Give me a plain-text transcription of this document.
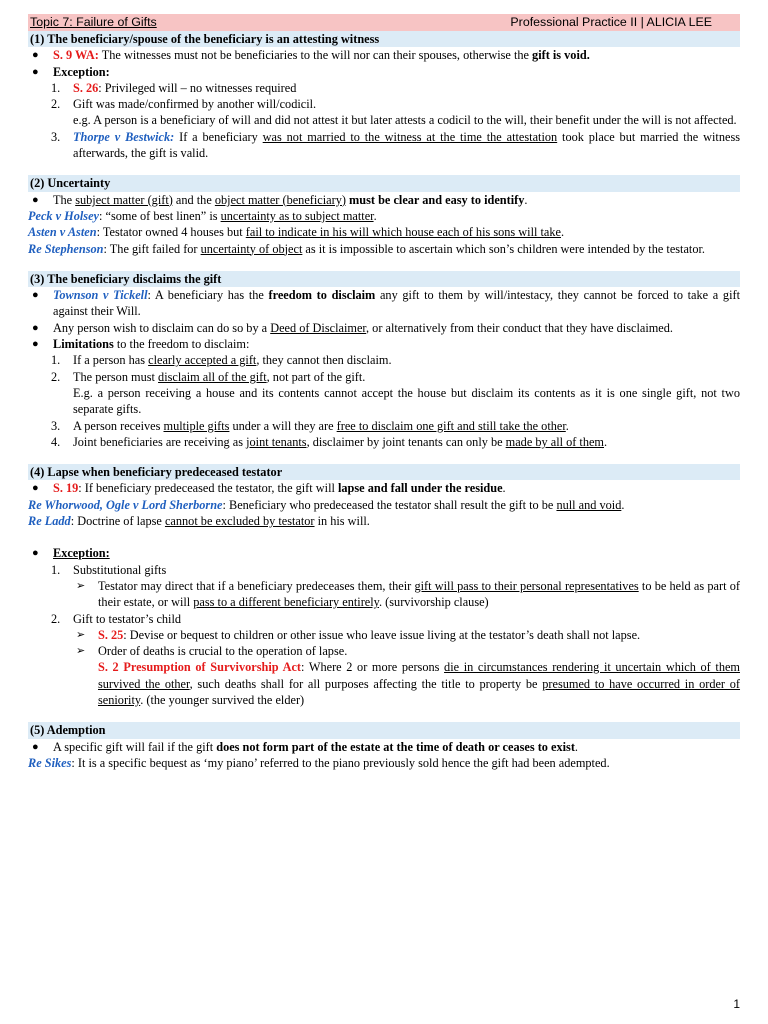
Topic 7: Failure of Gifts	Professional Practice II | ALICIA LEE
(1) The beneficiary/spouse of the beneficiary is an attesting witness
● S. 9 WA: The witnesses must not be beneficiaries to the will nor can their spouses, otherwise the gift is void.
● Exception:
1. S. 26: Privileged will – no witnesses required
2. Gift was made/confirmed by another will/codicil.
e.g. A person is a beneficiary of will and did not attest it but later attests a codicil to the will, their benefit under the will is not affected.
3. Thorpe v Bestwick: If a beneficiary was not married to the witness at the time the attestation took place but married the witness afterwards, the gift is valid.
(2) Uncertainty
● The subject matter (gift) and the object matter (beneficiary) must be clear and easy to identify.
Peck v Holsey: “some of best linen” is uncertainty as to subject matter.
Asten v Asten: Testator owned 4 houses but fail to indicate in his will which house each of his sons will take.
Re Stephenson: The gift failed for uncertainty of object as it is impossible to ascertain which son’s children were intended by the testator.
(3) The beneficiary disclaims the gift
● Townson v Tickell: A beneficiary has the freedom to disclaim any gift to them by will/intestacy, they cannot be forced to take a gift against their Will.
● Any person wish to disclaim can do so by a Deed of Disclaimer, or alternatively from their conduct that they have disclaimed.
● Limitations to the freedom to disclaim:
1. If a person has clearly accepted a gift, they cannot then disclaim.
2. The person must disclaim all of the gift, not part of the gift.
E.g. a person receiving a house and its contents cannot accept the house but disclaim its contents as it is one single gift, not two separate gifts.
3. A person receives multiple gifts under a will they are free to disclaim one gift and still take the other.
4. Joint beneficiaries are receiving as joint tenants, disclaimer by joint tenants can only be made by all of them.
(4) Lapse when beneficiary predeceased testator
● S. 19: If beneficiary predeceased the testator, the gift will lapse and fall under the residue.
Re Whorwood, Ogle v Lord Sherborne: Beneficiary who predeceased the testator shall result the gift to be null and void.
Re Ladd: Doctrine of lapse cannot be excluded by testator in his will.
● Exception:
1. Substitutional gifts
➢ Testator may direct that if a beneficiary predeceases them, their gift will pass to their personal representatives to be held as part of their estate, or will pass to a different beneficiary entirely. (survivorship clause)
2. Gift to testator’s child
➢ S. 25: Devise or bequest to children or other issue who leave issue living at the testator’s death shall not lapse.
➢ Order of deaths is crucial to the operation of lapse.
S. 2 Presumption of Survivorship Act: Where 2 or more persons die in circumstances rendering it uncertain which of them survived the other, such deaths shall for all purposes affecting the title to property be presumed to have occurred in order of seniority. (the younger survived the elder)
(5) Ademption
● A specific gift will fail if the gift does not form part of the estate at the time of death or ceases to exist.
Re Sikes: It is a specific bequest as ‘my piano’ referred to the piano previously sold hence the gift had been adempted.
1
